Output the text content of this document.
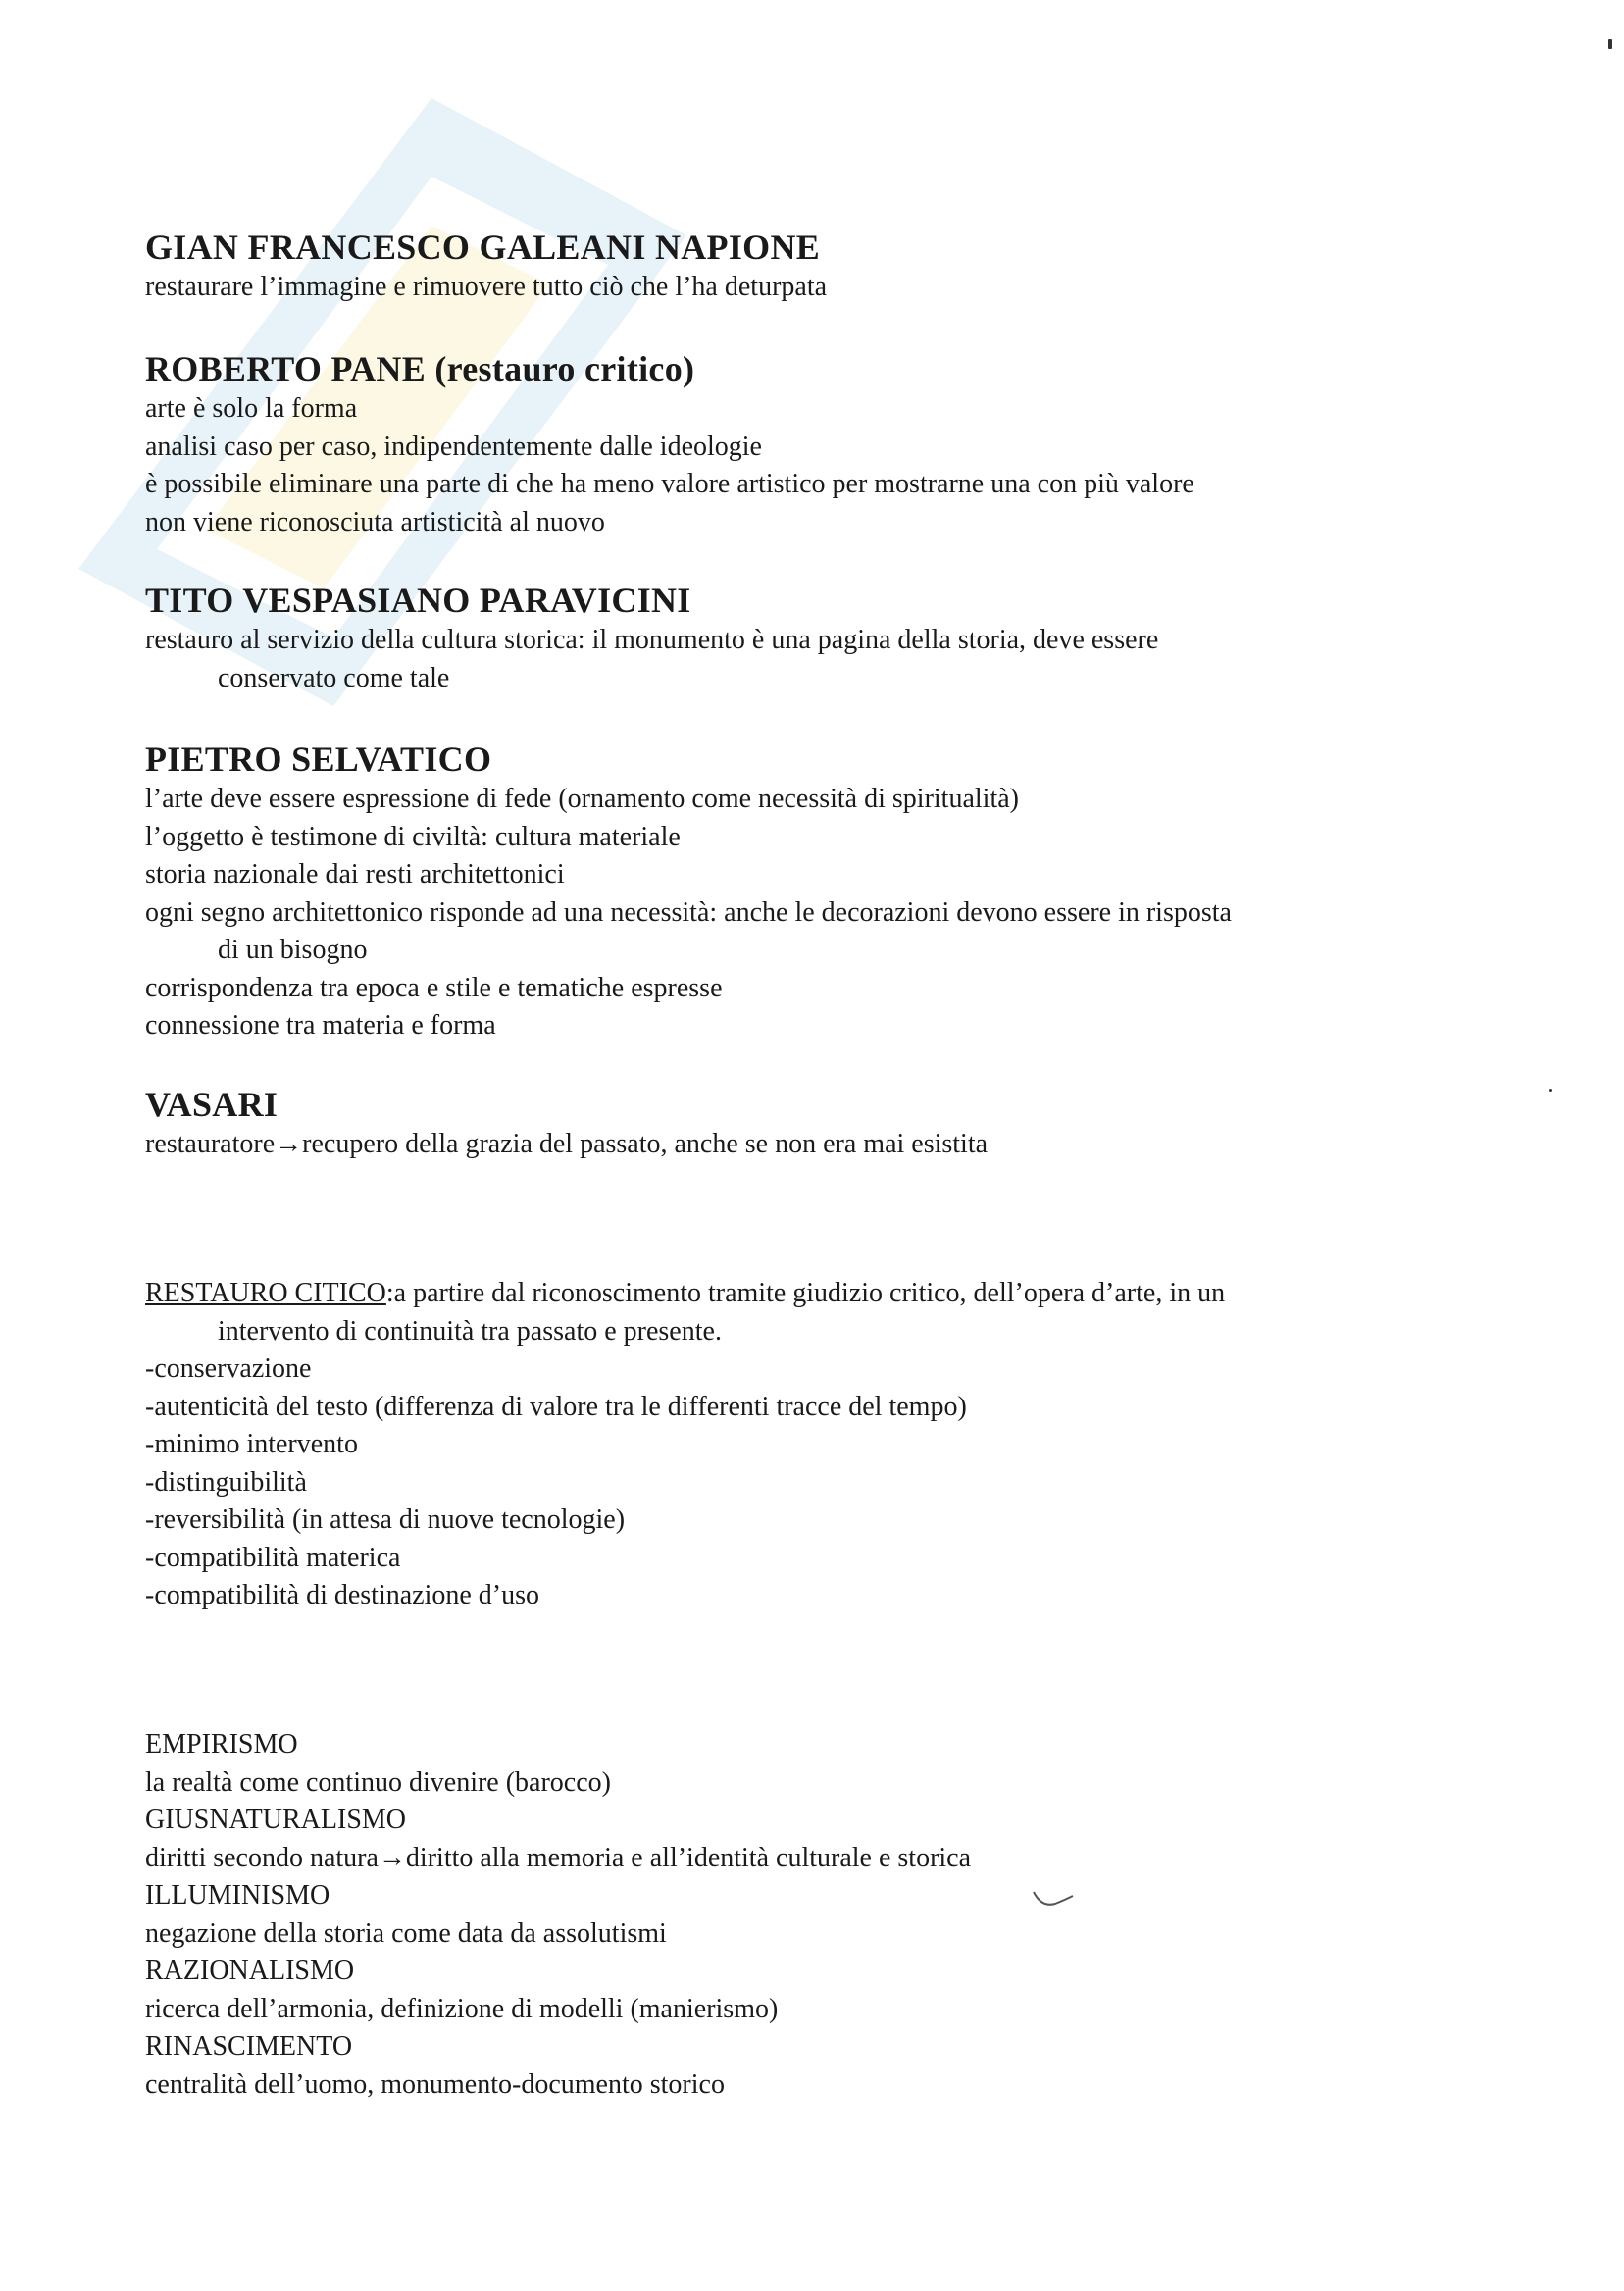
GIAN FRANCESCO GALEANI NAPIONE
restaurare l’immagine e rimuovere tutto ciò che l’ha deturpata
ROBERTO PANE (restauro critico)
arte è solo la forma
analisi caso per caso, indipendentemente dalle ideologie
è possibile eliminare una parte di che ha meno valore artistico per mostrarne una con più valore
non viene riconosciuta artisticità al nuovo
TITO VESPASIANO PARAVICINI
restauro al servizio della cultura storica: il monumento è una pagina della storia, deve essere
conservato come tale
PIETRO SELVATICO
l’arte deve essere espressione di fede (ornamento come necessità di spiritualità)
l’oggetto è testimone di civiltà: cultura materiale
storia nazionale dai resti architettonici
ogni segno architettonico risponde ad una necessità: anche le decorazioni devono essere in risposta
di un bisogno
corrispondenza tra epoca e stile e tematiche espresse
connessione tra materia e forma
VASARI
restauratore→recupero della grazia del passato, anche se non era mai esistita
RESTAURO CITICO:a partire dal riconoscimento tramite giudizio critico, dell’opera d’arte, in un
intervento di continuità tra passato e presente.
-conservazione
-autenticità del testo (differenza di valore tra le differenti tracce del tempo)
-minimo intervento
-distinguibilità
-reversibilità (in attesa di nuove tecnologie)
-compatibilità materica
-compatibilità di destinazione d’uso
EMPIRISMO
la realtà come continuo divenire (barocco)
GIUSNATURALISMO
diritti secondo natura→diritto alla memoria e all’identità culturale e storica
ILLUMINISMO
negazione della storia come data da assolutismi
RAZIONALISMO
ricerca dell’armonia, definizione di modelli (manierismo)
RINASCIMENTO
centralità dell’uomo, monumento-documento storico
